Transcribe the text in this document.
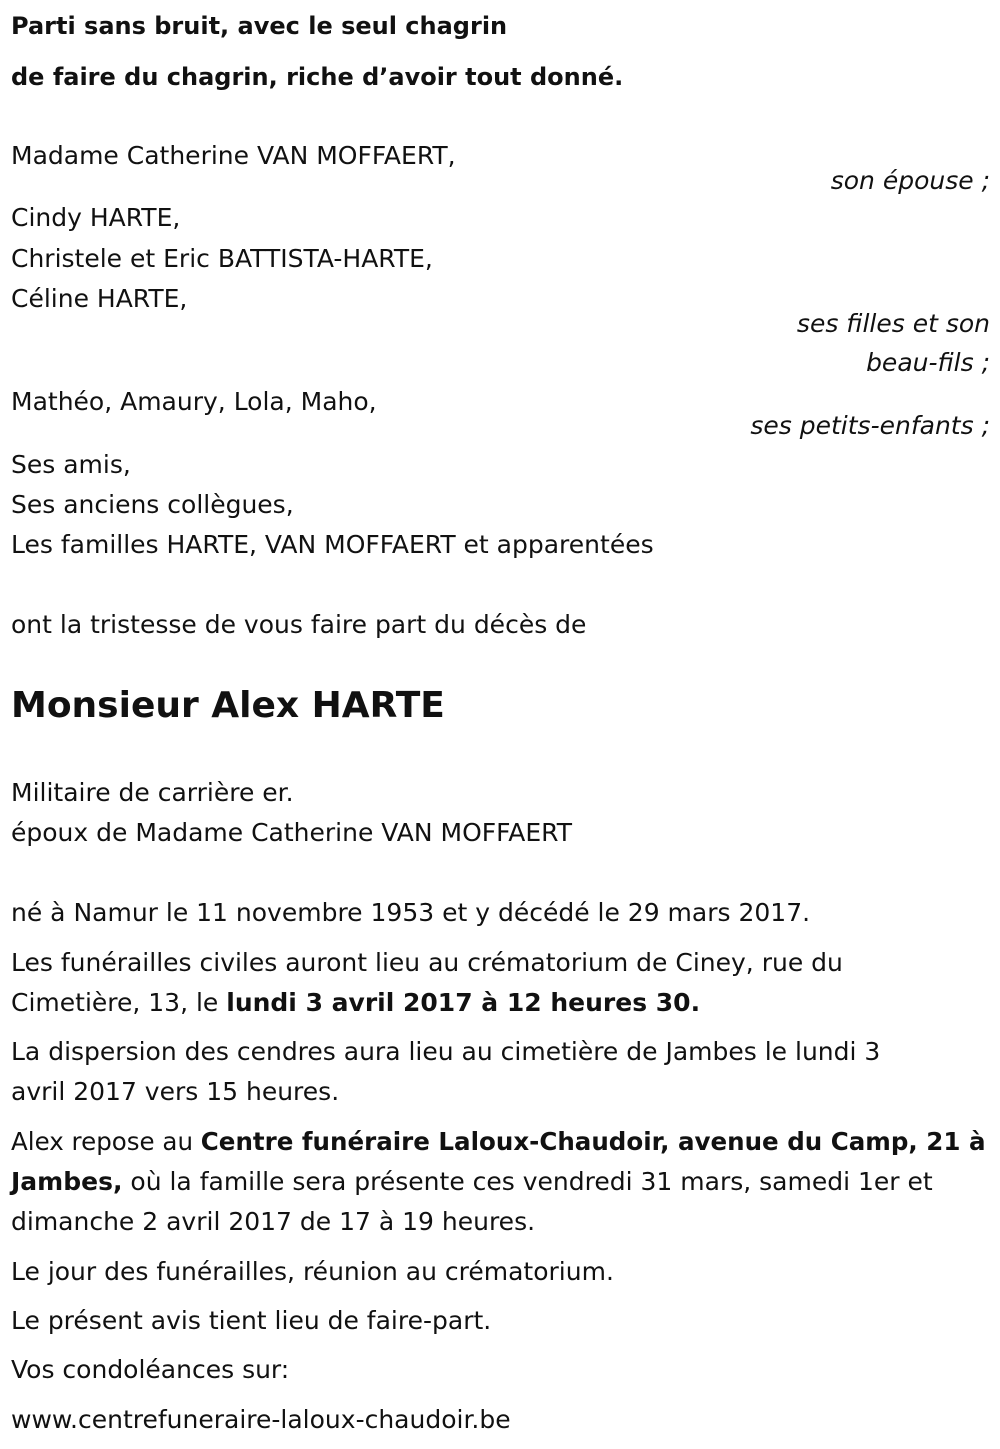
Parti sans bruit, avec le seul chagrin
de faire du chagrin, riche d’avoir tout donné.
Madame Catherine VAN MOFFAERT,
son épouse ;
Cindy HARTE,
Christele et Eric BATTISTA-HARTE,
Céline HARTE,
ses filles et son
beau-fils ;
Mathéo, Amaury, Lola, Maho,
ses petits-enfants ;
Ses amis,
Ses anciens collègues,
Les familles HARTE, VAN MOFFAERT et apparentées
ont la tristesse de vous faire part du décès de
Monsieur Alex HARTE
Militaire de carrière er.
époux de Madame Catherine VAN MOFFAERT
né à Namur le 11 novembre 1953 et y décédé le 29 mars 2017.
Les funérailles civiles auront lieu au crématorium de Ciney, rue du
Cimetière, 13, le lundi 3 avril 2017 à 12 heures 30.
La dispersion des cendres aura lieu au cimetière de Jambes le lundi 3
avril 2017 vers 15 heures.
Alex repose au Centre funéraire Laloux-Chaudoir, avenue du Camp, 21 à
Jambes, où la famille sera présente ces vendredi 31 mars, samedi 1er et
dimanche 2 avril 2017 de 17 à 19 heures.
Le jour des funérailles, réunion au crématorium.
Le présent avis tient lieu de faire-part.
Vos condoléances sur:
www.centrefuneraire-laloux-chaudoir.be
